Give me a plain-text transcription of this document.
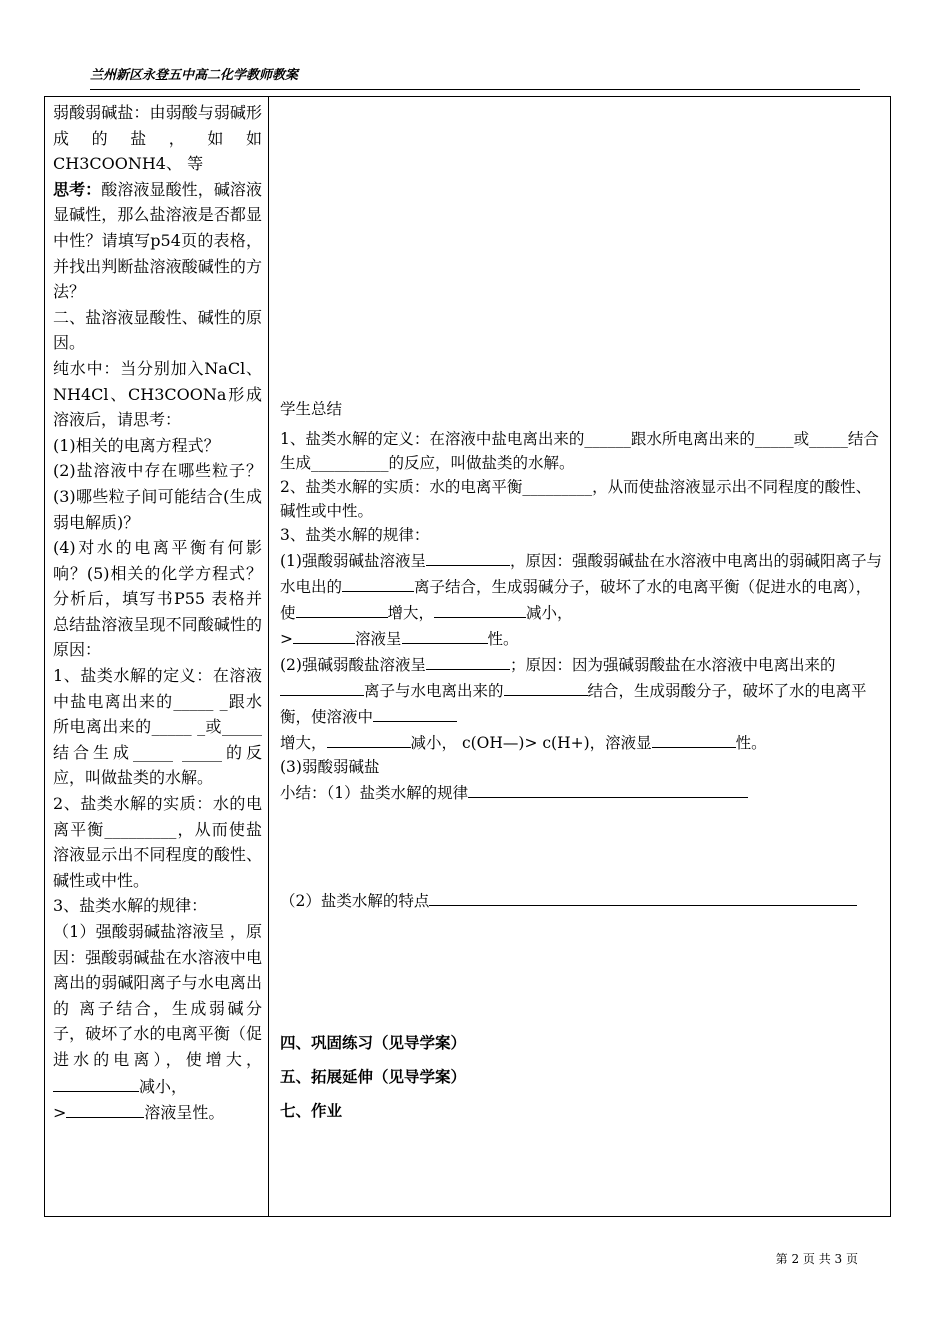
兰州新区永登五中高二化学教师教案

弱酸弱碱盐：由弱酸与弱碱形成的盐，如如CH3COONH4、 等

思考：酸溶液显酸性，碱溶液显碱性，那么盐溶液是否都显中性？请填写p54页的表格，并找出判断盐溶液酸碱性的方法？

二、盐溶液显酸性、碱性的原因。

纯水中：当分别加入NaCl、NH4Cl、CH3COONa形成溶液后，请思考：

(1)相关的电离方程式？

(2)盐溶液中存在哪些粒子？(3)哪些粒子间可能结合(生成弱电解质)？

(4)对水的电离平衡有何影响？(5)相关的化学方程式？分析后，填写书P55 表格并总结盐溶液呈现不同酸碱性的原因：

1、盐类水解的定义：在溶液中盐电离出来的_____ _跟水所电离出来的_____ _或_____结合生成_____ _____的反应，叫做盐类的水解。

2、盐类水解的实质：水的电离平衡_________，从而使盐溶液显示出不同程度的酸性、碱性或中性。

3、盐类水解的规律：

（1）强酸弱碱盐溶液呈 ，原因：强酸弱碱盐在水溶液中电离出的弱碱阳离子与水电离出的 离子结合，生成弱碱分子，破坏了水的电离平衡（促进水的电离），使增大，减小，

>	溶液呈性。

学生总结

1、盐类水解的定义：在溶液中盐电离出来的______跟水所电离出来的_____或_____结合生成__________的反应，叫做盐类的水解。

2、盐类水解的实质：水的电离平衡_________，从而使盐溶液显示出不同程度的酸性、碱性或中性。

3、盐类水解的规律：

(1)强酸弱碱盐溶液呈	，原因：强酸弱碱盐在水溶液中电离出的弱碱阳离子与水电出的	离子结合，生成弱碱分子，破坏了水的电离平衡（促进水的电离），使	增大，	减小，
>	溶液呈	性。

(2)强碱弱酸盐溶液呈	；原因：因为强碱弱酸盐在水溶液中电离出来的离子与水电离出来的	结合，生成弱酸分子，破坏了水的电离平衡，使溶液中
增大，	减小， c(OH—)> c(H+)，溶液显	性。

(3)弱酸弱碱盐

小结：（1）盐类水解的规律

（2）盐类水解的特点

四、巩固练习（见导学案）

五、拓展延伸（见导学案）

七、作业

第 2 页 共 3 页
